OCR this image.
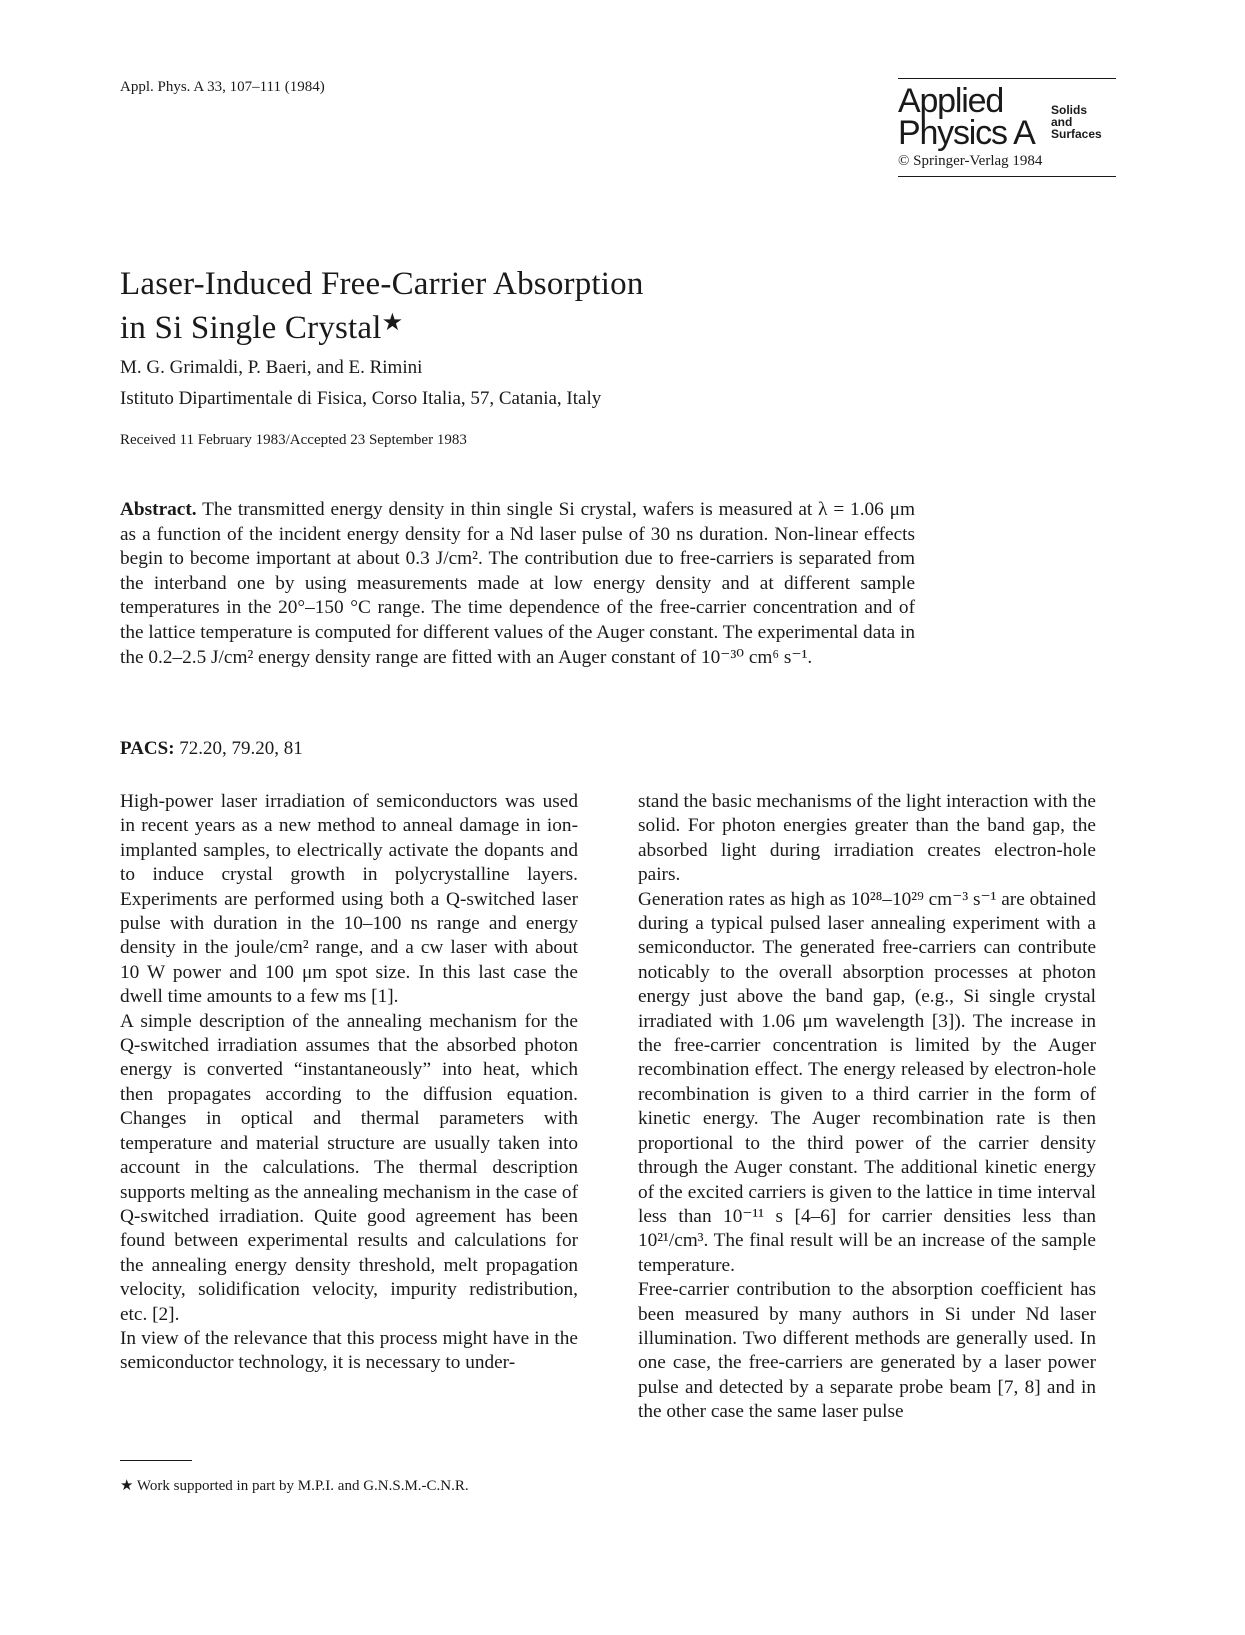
Appl. Phys. A 33, 107–111 (1984)	Applied
Physics A
Solids
and
Surfaces
© Springer-Verlag 1984
Laser-Induced Free-Carrier Absorption
in Si Single Crystal★
M. G. Grimaldi, P. Baeri, and E. Rimini
Istituto Dipartimentale di Fisica, Corso Italia, 57, Catania, Italy
Received 11 February 1983/Accepted 23 September 1983
Abstract. The transmitted energy density in thin single Si crystal, wafers is measured at λ = 1.06 μm as a function of the incident energy density for a Nd laser pulse of 30 ns duration. Non-linear effects begin to become important at about 0.3 J/cm². The contribution due to free-carriers is separated from the interband one by using measurements made at low energy density and at different sample temperatures in the 20°–150 °C range. The time dependence of the free-carrier concentration and of the lattice temperature is computed for different values of the Auger constant. The experimental data in the 0.2–2.5 J/cm² energy density range are fitted with an Auger constant of 10⁻³⁰ cm⁶ s⁻¹.
PACS: 72.20, 79.20, 81

High-power laser irradiation of semiconductors was used in recent years as a new method to anneal damage in ion-implanted samples, to electrically activate the dopants and to induce crystal growth in polycrystalline layers. Experiments are performed using both a Q-switched laser pulse with duration in the 10–100 ns range and energy density in the joule/cm² range, and a cw laser with about 10 W power and 100 μm spot size. In this last case the dwell time amounts to a few ms [1].

A simple description of the annealing mechanism for the Q-switched irradiation assumes that the absorbed photon energy is converted “instantaneously” into heat, which then propagates according to the diffusion equation. Changes in optical and thermal parameters with temperature and material structure are usually taken into account in the calculations. The thermal description supports melting as the annealing mechanism in the case of Q-switched irradiation. Quite good agreement has been found between experimental results and calculations for the annealing energy density threshold, melt propagation velocity, solidification velocity, impurity redistribution, etc. [2].

In view of the relevance that this process might have in the semiconductor technology, it is necessary to under-

stand the basic mechanisms of the light interaction with the solid. For photon energies greater than the band gap, the absorbed light during irradiation creates electron-hole pairs.

Generation rates as high as 10²⁸–10²⁹ cm⁻³ s⁻¹ are obtained during a typical pulsed laser annealing experiment with a semiconductor. The generated free-carriers can contribute noticably to the overall absorption processes at photon energy just above the band gap, (e.g., Si single crystal irradiated with 1.06 μm wavelength [3]). The increase in the free-carrier concentration is limited by the Auger recombination effect. The energy released by electron-hole recombination is given to a third carrier in the form of kinetic energy. The Auger recombination rate is then proportional to the third power of the carrier density through the Auger constant. The additional kinetic energy of the excited carriers is given to the lattice in time interval less than 10⁻¹¹ s [4–6] for carrier densities less than 10²¹/cm³. The final result will be an increase of the sample temperature.

Free-carrier contribution to the absorption coefficient has been measured by many authors in Si under Nd laser illumination. Two different methods are generally used. In one case, the free-carriers are generated by a laser power pulse and detected by a separate probe beam [7, 8] and in the other case the same laser pulse

★ Work supported in part by M.P.I. and G.N.S.M.-C.N.R.
